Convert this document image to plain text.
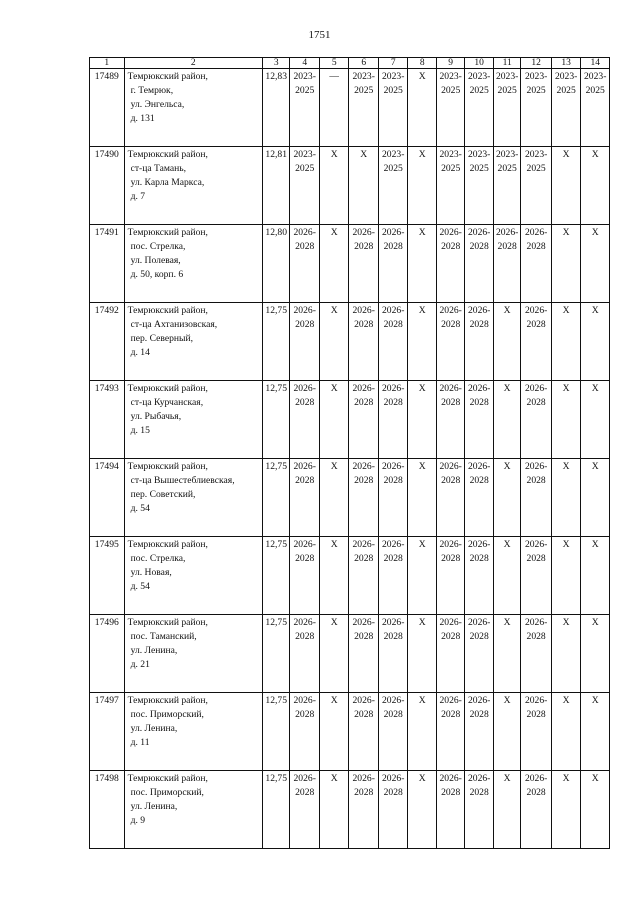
1751
1	2	3	4	5	6	7	8	9	10	11	12	13	14
17489	Темрюкский район,
г. Темрюк,
ул. Энгельса,
д. 131	12,83	2023-
2025	—	2023-
2025	2023-
2025	Х	2023-
2025	2023-
2025	2023-
2025	2023-
2025	2023-
2025	2023-
2025

17490	Темрюкский район,
ст-ца Тамань,
ул. Карла Маркса,
д. 7	12,81	2023-
2025	Х	Х	2023-
2025	Х	2023-
2025	2023-
2025	2023-
2025	2023-
2025	Х	Х
17491	Темрюкский район,
пос. Стрелка,
ул. Полевая,
д. 50, корп. 6	12,80	2026-
2028	Х	2026-
2028	2026-
2028	Х	2026-
2028	2026-
2028	2026-
2028	2026-
2028	Х	Х
17492	Темрюкский район,
ст-ца Ахтанизовская,
пер. Северный,
д. 14	12,75	2026-
2028	Х	2026-
2028	2026-
2028	Х	2026-
2028	2026-
2028	Х	2026-
2028	Х	Х
17493	Темрюкский район,
ст-ца Курчанская,
ул. Рыбачья,
д. 15	12,75	2026-
2028	Х	2026-
2028	2026-
2028	Х	2026-
2028	2026-
2028	Х	2026-
2028	Х	Х
17494	Темрюкский район,
ст-ца Вышестеблиевская,
пер. Советский,
д. 54	12,75	2026-
2028	Х	2026-
2028	2026-
2028	Х	2026-
2028	2026-
2028	Х	2026-
2028	Х	Х
17495	Темрюкский район,
пос. Стрелка,
ул. Новая,
д. 54	12,75	2026-
2028	Х	2026-
2028	2026-
2028	Х	2026-
2028	2026-
2028	Х	2026-
2028	Х	Х
17496	Темрюкский район,
пос. Таманский,
ул. Ленина,
д. 21	12,75	2026-
2028	Х	2026-
2028	2026-
2028	Х	2026-
2028	2026-
2028	Х	2026-
2028	Х	Х
17497	Темрюкский район,
пос. Приморский,
ул. Ленина,
д. 11	12,75	2026-
2028	Х	2026-
2028	2026-
2028	Х	2026-
2028	2026-
2028	Х	2026-
2028	Х	Х
17498	Темрюкский район,
пос. Приморский,
ул. Ленина,
д. 9	12,75	2026-
2028	Х	2026-
2028	2026-
2028	Х	2026-
2028	2026-
2028	Х	2026-
2028	Х	Х
